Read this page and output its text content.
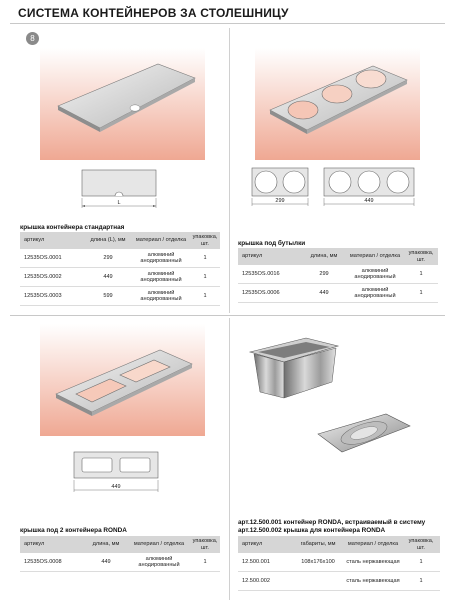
СИСТЕМА КОНТЕЙНЕРОВ ЗА СТОЛЕШНИЦУ
8
L
крышка контейнера стандартная
артикул	длина (L), мм	материал / отделка	упаковка, шт.
12535OS.0001	299	алюминий анодированный	1
12535OS.0002	449	алюминий анодированный	1
12535OS.0003	599	алюминий анодированный	1
299	449
крышка под бутылки
артикул	длина, мм	материал / отделка	упаковка, шт.
12535OS.0016	299	алюминий анодированный	1
12535OS.0006	449	алюминий анодированный	1
449
крышка под 2 контейнера RONDA
артикул	длина, мм	материал / отделка	упаковка, шт.
12535OS.0008	449	алюминий анодированный	1
арт.12.500.001 контейнер RONDA, встраиваемый в систему
арт.12.500.002 крышка для контейнера RONDA
артикул	габариты, мм	материал / отделка	упаковка, шт.
12.500.001	108х176х100	сталь нержавеющая	1
12.500.002		сталь нержавеющая	1
